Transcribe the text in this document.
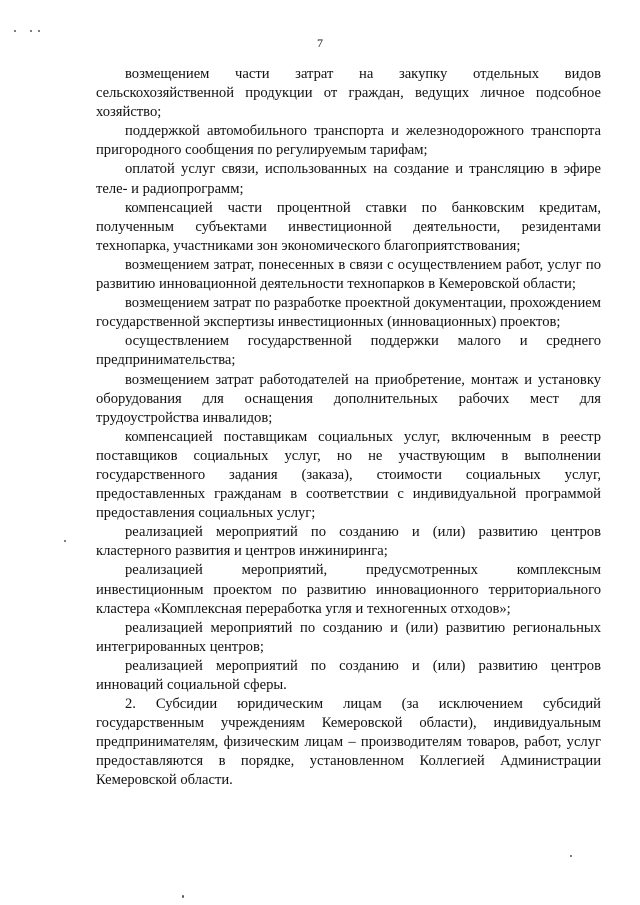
7

возмещением части затрат на закупку отдельных видов сельскохозяйственной продукции от граждан, ведущих личное подсобное хозяйство;

поддержкой автомобильного транспорта и железнодорожного транспорта пригородного сообщения по регулируемым тарифам;

оплатой услуг связи, использованных на создание и трансляцию в эфире теле- и радиопрограмм;

компенсацией части процентной ставки по банковским кредитам, полученным субъектами инвестиционной деятельности, резидентами технопарка, участниками зон экономического благоприятствования;

возмещением затрат, понесенных в связи с осуществлением работ, услуг по развитию инновационной деятельности технопарков в Кемеровской области;

возмещением затрат по разработке проектной документации, прохождением государственной экспертизы инвестиционных (инновационных) проектов;

осуществлением государственной поддержки малого и среднего предпринимательства;

возмещением затрат работодателей на приобретение, монтаж и установку оборудования для оснащения дополнительных рабочих мест для трудоустройства инвалидов;

компенсацией поставщикам социальных услуг, включенным в реестр поставщиков социальных услуг, но не участвующим в выполнении государственного задания (заказа), стоимости социальных услуг, предоставленных гражданам в соответствии с индивидуальной программой предоставления социальных услуг;

реализацией мероприятий по созданию и (или) развитию центров кластерного развития и центров инжиниринга;

реализацией мероприятий, предусмотренных комплексным инвестиционным проектом по развитию инновационного территориального кластера «Комплексная переработка угля и техногенных отходов»;

реализацией мероприятий по созданию и (или) развитию региональных интегрированных центров;

реализацией мероприятий по созданию и (или) развитию центров инноваций социальной сферы.

2. Субсидии юридическим лицам (за исключением субсидий государственным учреждениям Кемеровской области), индивидуальным предпринимателям, физическим лицам – производителям товаров, работ, услуг предоставляются в порядке, установленном Коллегией Администрации Кемеровской области.
